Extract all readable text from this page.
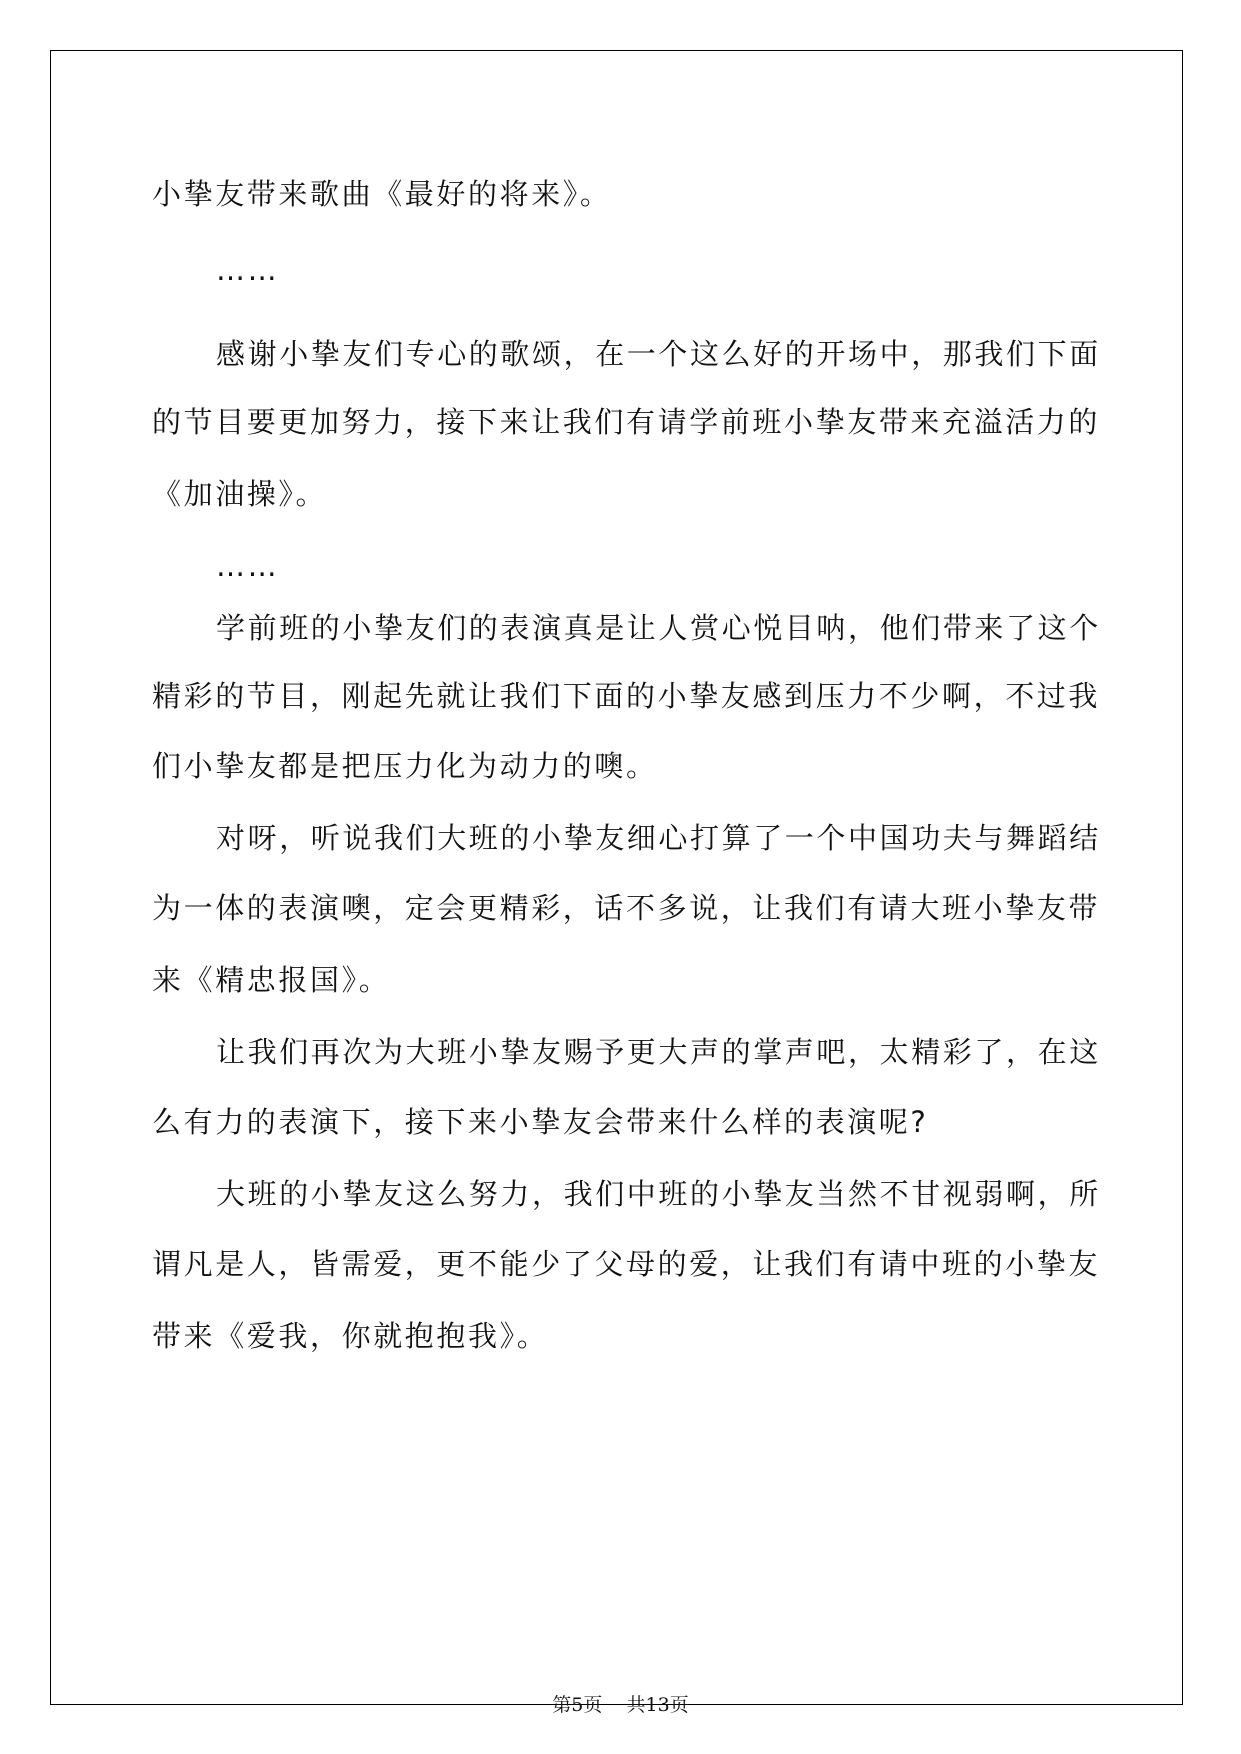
小挚友带来歌曲《最好的将来》。
……
感谢小挚友们专心的歌颂，在一个这么好的开场中，那我们下面
的节目要更加努力，接下来让我们有请学前班小挚友带来充溢活力的
《加油操》。
……
学前班的小挚友们的表演真是让人赏心悦目呐，他们带来了这个
精彩的节目，刚起先就让我们下面的小挚友感到压力不少啊，不过我
们小挚友都是把压力化为动力的噢。
对呀，听说我们大班的小挚友细心打算了一个中国功夫与舞蹈结
为一体的表演噢，定会更精彩，话不多说，让我们有请大班小挚友带
来《精忠报国》。
让我们再次为大班小挚友赐予更大声的掌声吧，太精彩了，在这
么有力的表演下，接下来小挚友会带来什么样的表演呢?
大班的小挚友这么努力，我们中班的小挚友当然不甘视弱啊，所
谓凡是人，皆需爱，更不能少了父母的爱，让我们有请中班的小挚友
带来《爱我，你就抱抱我》。
第5页 共13页
